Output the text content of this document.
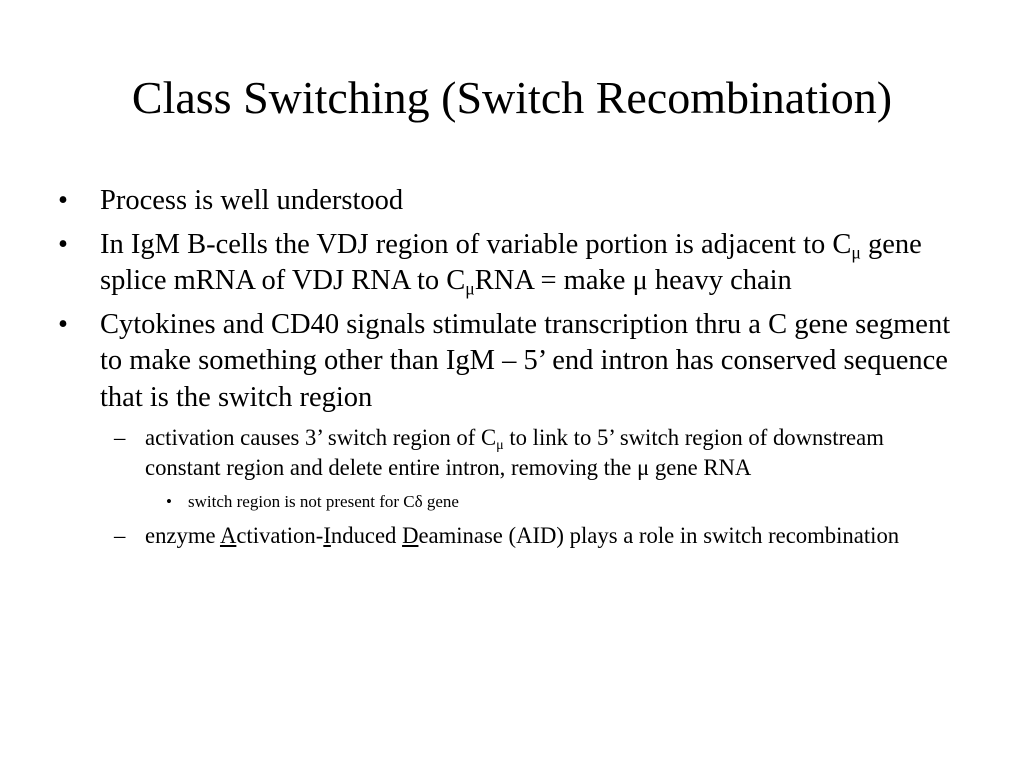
Class Switching (Switch Recombination)
• Process is well understood
• In IgM B-cells the VDJ region of variable portion is adjacent to $C_\mu$ gene splice mRNA of VDJ RNA to $C_\mu RNA$ = make μ heavy chain
• Cytokines and CD40 signals stimulate transcription thru a C gene segment to make something other than IgM – 5’ end intron has conserved sequence that is the switch region
– activation causes 3’ switch region of $C_\mu$ to link to 5’ switch region of downstream constant region and delete entire intron, removing the μ gene RNA
• switch region is not present for Cδ gene
– enzyme Activation-Induced Deaminase (AID) plays a role in switch recombination
